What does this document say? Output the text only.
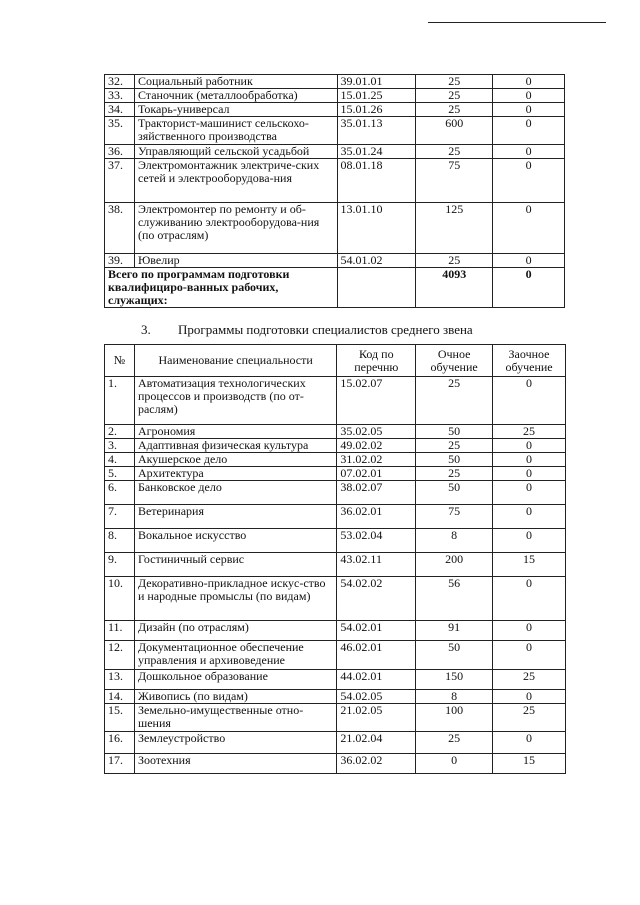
32.	Социальный работник	39.01.01	25	0
33.	Станочник (металлообработка)	15.01.25	25	0
34.	Токарь-универсал	15.01.26	25	0
35.	Тракторист-машинист сельскохо-зяйственного производства	35.01.13	600	0
36.	Управляющий сельской усадьбой	35.01.24	25	0
37.	Электромонтажник электриче-ских сетей и электрооборудова-ния	08.01.18	75	0
38.	Электромонтер по ремонту и об-служиванию электрооборудова-ния (по отраслям)	13.01.10	125	0
39.	Ювелир	54.01.02	25	0
Всего по программам подготовки квалифициро-ванных рабочих, служащих:			4093	0
3. Программы подготовки специалистов среднего звена
№	Наименование специальности	Код по перечню	Очное обучение	Заочное обучение
1.	Автоматизация технологических процессов и производств (по от-раслям)	15.02.07	25	0
2.	Агрономия	35.02.05	50	25
3.	Адаптивная физическая культура	49.02.02	25	0
4.	Акушерское дело	31.02.02	50	0
5.	Архитектура	07.02.01	25	0
6.	Банковское дело	38.02.07	50	0
7.	Ветеринария	36.02.01	75	0
8.	Вокальное искусство	53.02.04	8	0
9.	Гостиничный сервис	43.02.11	200	15
10.	Декоративно-прикладное искус-ство и народные промыслы (по видам)	54.02.02	56	0
11.	Дизайн (по отраслям)	54.02.01	91	0
12.	Документационное обеспечение управления и архивоведение	46.02.01	50	0
13.	Дошкольное образование	44.02.01	150	25
14.	Живопись (по видам)	54.02.05	8	0
15.	Земельно-имущественные отно-шения	21.02.05	100	25
16.	Землеустройство	21.02.04	25	0
17.	Зоотехния	36.02.02	0	15
